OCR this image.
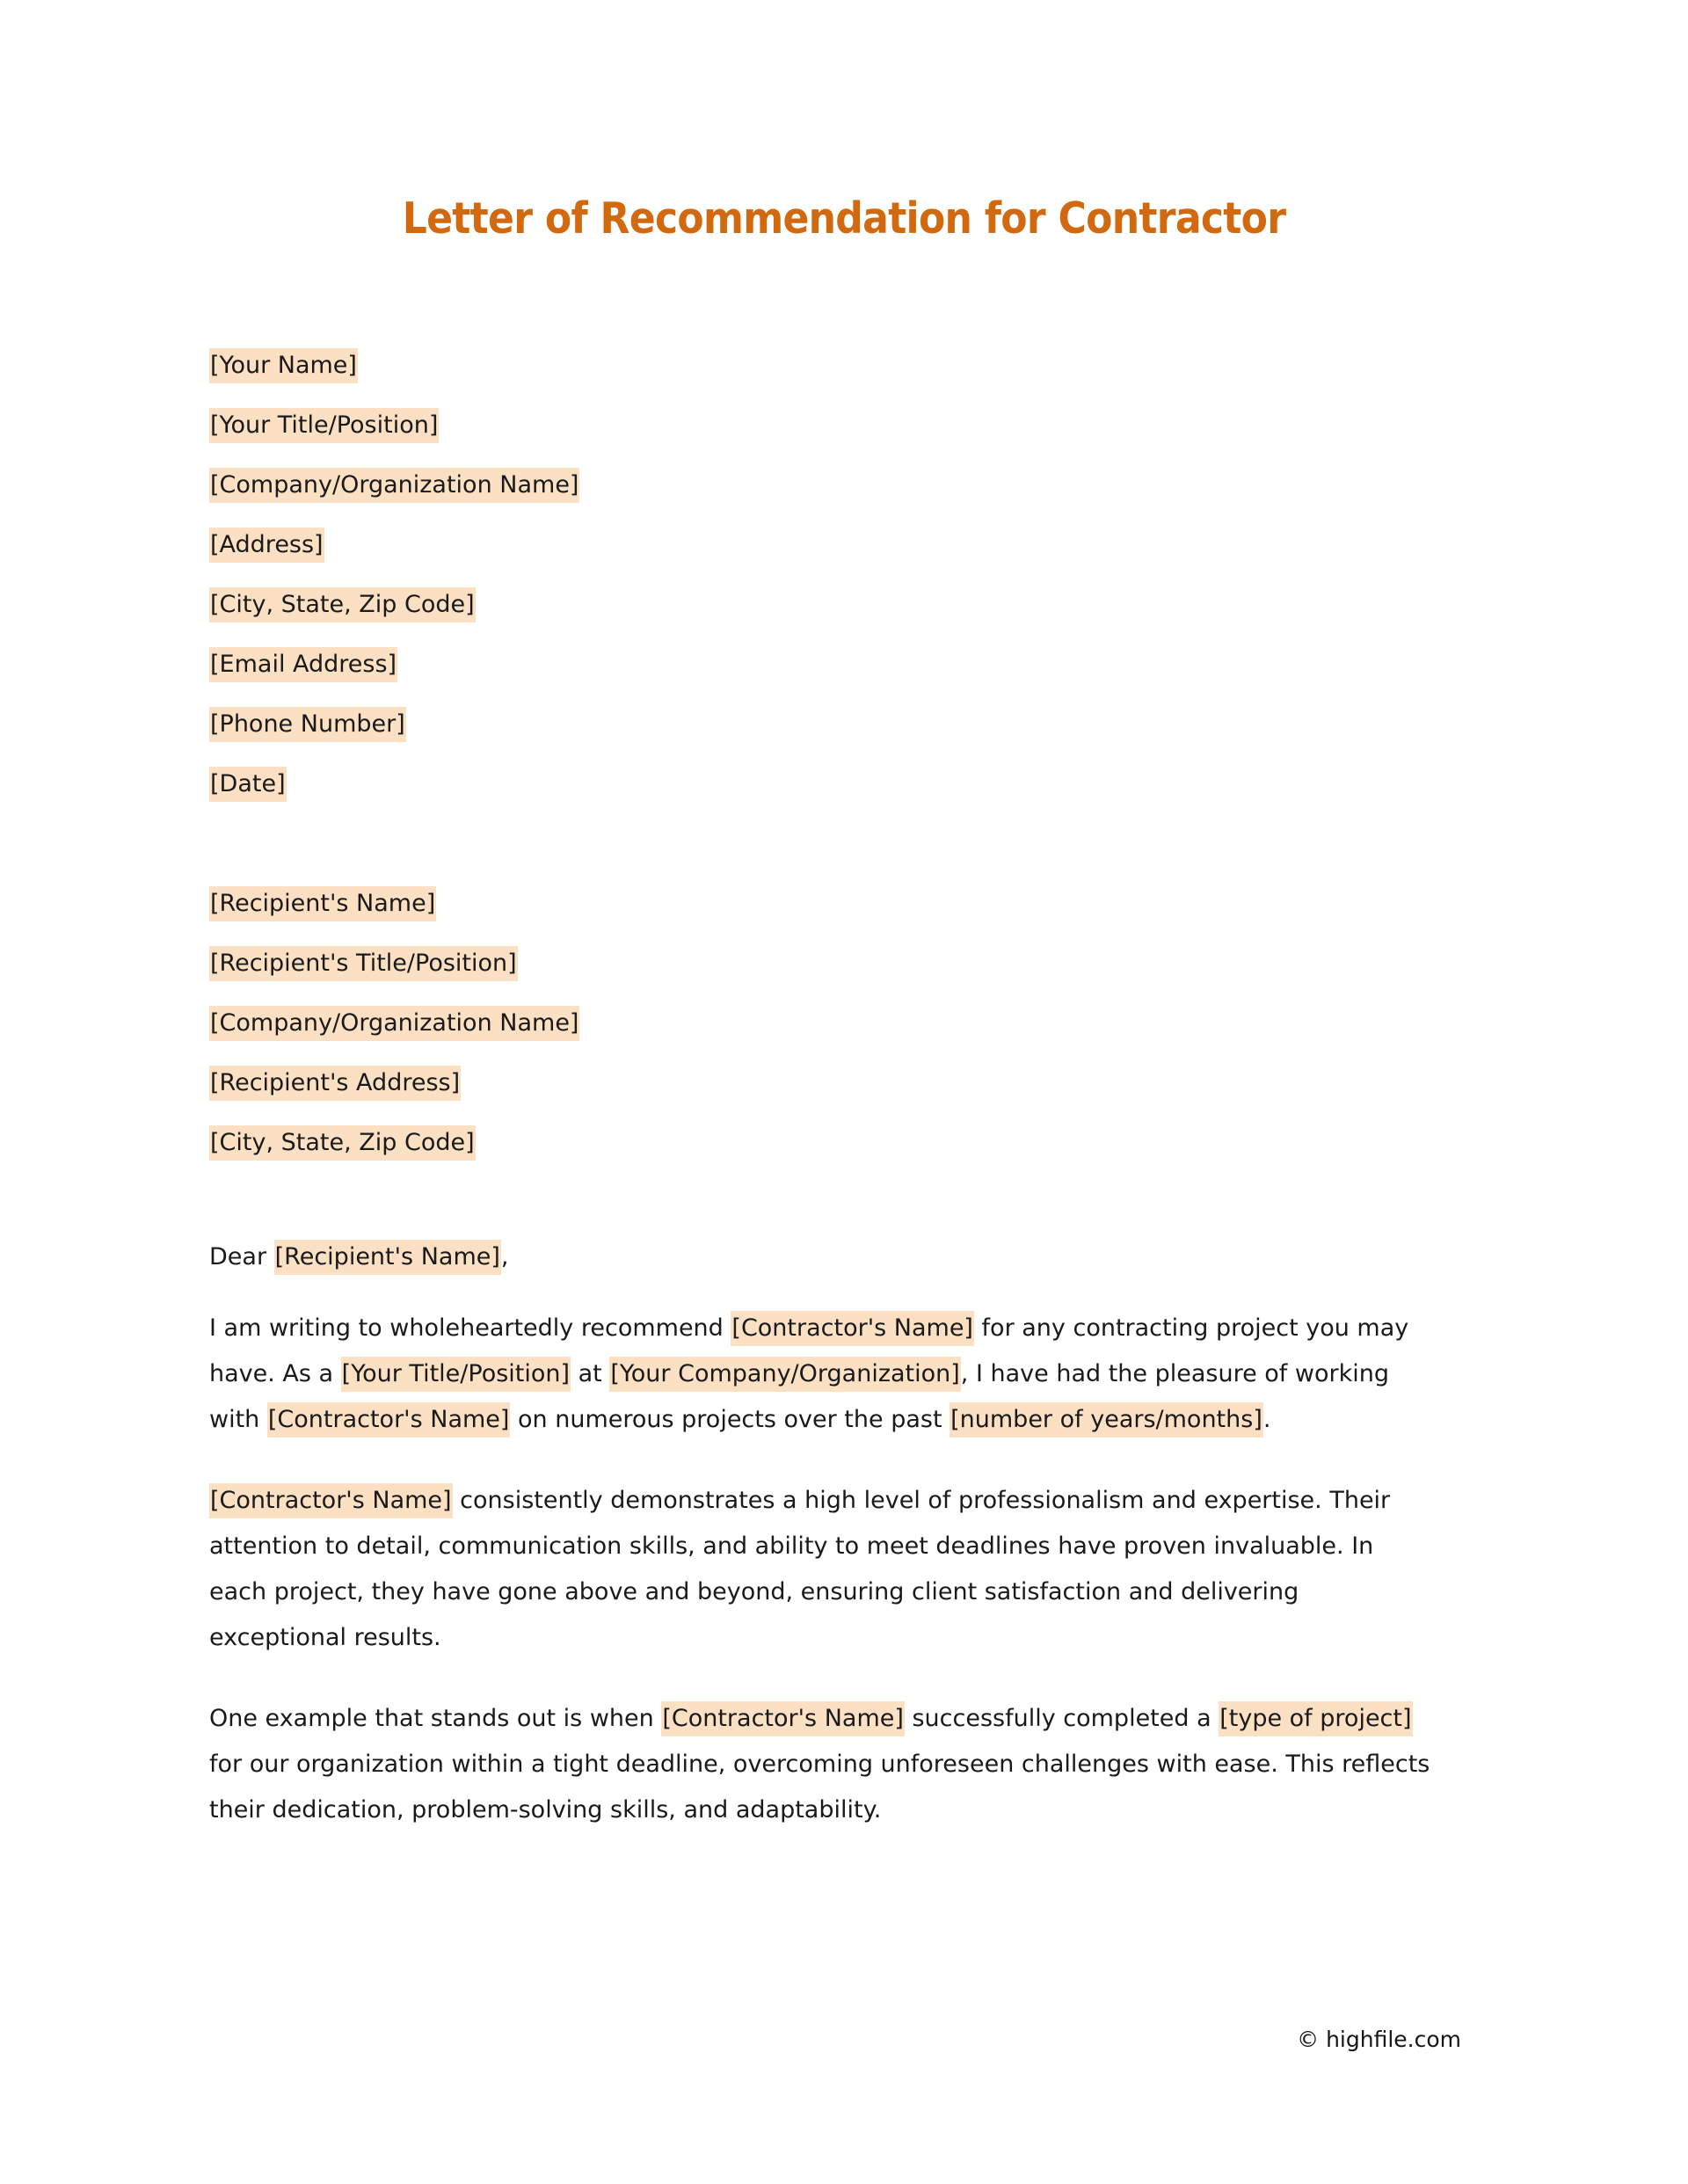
Letter of Recommendation for Contractor
[Your Name]
[Your Title/Position]
[Company/Organization Name]
[Address]
[City, State, Zip Code]
[Email Address]
[Phone Number]
[Date]
[Recipient's Name]
[Recipient's Title/Position]
[Company/Organization Name]
[Recipient's Address]
[City, State, Zip Code]

Dear [Recipient's Name],

I am writing to wholeheartedly recommend [Contractor's Name] for any contracting project you may have. As a [Your Title/Position] at [Your Company/Organization], I have had the pleasure of working with [Contractor's Name] on numerous projects over the past [number of years/months].

[Contractor's Name] consistently demonstrates a high level of professionalism and expertise. Their attention to detail, communication skills, and ability to meet deadlines have proven invaluable. In each project, they have gone above and beyond, ensuring client satisfaction and delivering exceptional results.

One example that stands out is when [Contractor's Name] successfully completed a [type of project] for our organization within a tight deadline, overcoming unforeseen challenges with ease. This reflects their dedication, problem-solving skills, and adaptability.

© highfile.com
